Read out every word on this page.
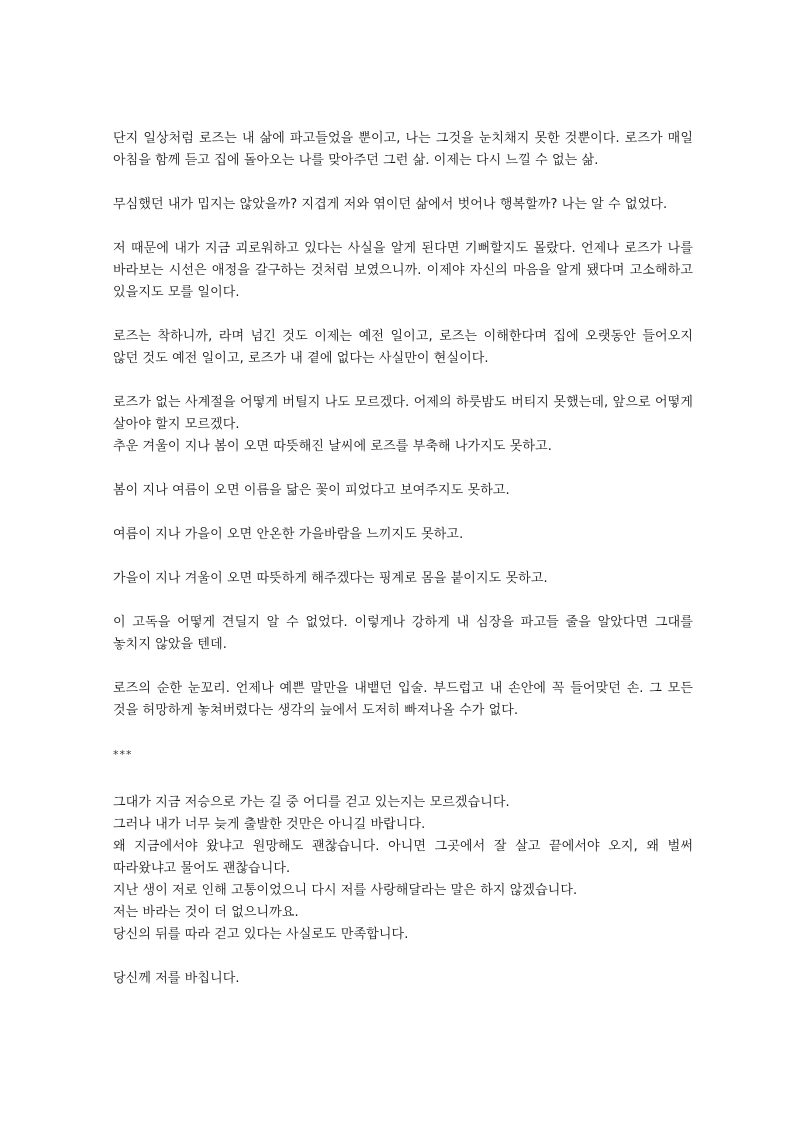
단지 일상처럼 로즈는 내 삶에 파고들었을 뿐이고, 나는 그것을 눈치채지 못한 것뿐이다. 로즈가 매일 아침을 함께 듣고 집에 돌아오는 나를 맞아주던 그런 삶. 이제는 다시 느낄 수 없는 삶.

무심했던 내가 밉지는 않았을까? 지겹게 저와 엮이던 삶에서 벗어나 행복할까? 나는 알 수 없었다.

저 때문에 내가 지금 괴로워하고 있다는 사실을 알게 된다면 기뻐할지도 몰랐다. 언제나 로즈가 나를 바라보는 시선은 애정을 갈구하는 것처럼 보였으니까. 이제야 자신의 마음을 알게 됐다며 고소해하고 있을지도 모를 일이다.

로즈는 착하니까, 라며 넘긴 것도 이제는 예전 일이고, 로즈는 이해한다며 집에 오랫동안 들어오지 않던 것도 예전 일이고, 로즈가 내 곁에 없다는 사실만이 현실이다.

로즈가 없는 사계절을 어떻게 버틸지 나도 모르겠다. 어제의 하룻밤도 버티지 못했는데, 앞으로 어떻게 살아야 할지 모르겠다.

추운 겨울이 지나 봄이 오면 따뜻해진 날씨에 로즈를 부축해 나가지도 못하고.

봄이 지나 여름이 오면 이름을 닮은 꽃이 피었다고 보여주지도 못하고.

여름이 지나 가을이 오면 안온한 가을바람을 느끼지도 못하고.

가을이 지나 겨울이 오면 따뜻하게 해주겠다는 핑계로 몸을 붙이지도 못하고.

이 고독을 어떻게 견딜지 알 수 없었다. 이렇게나 강하게 내 심장을 파고들 줄을 알았다면 그대를 놓치지 않았을 텐데.

로즈의 순한 눈꼬리. 언제나 예쁜 말만을 내뱉던 입술. 부드럽고 내 손안에 꼭 들어맞던 손. 그 모든 것을 허망하게 놓쳐버렸다는 생각의 늪에서 도저히 빠져나올 수가 없다.

***

그대가 지금 저승으로 가는 길 중 어디를 걷고 있는지는 모르겠습니다.

그러나 내가 너무 늦게 출발한 것만은 아니길 바랍니다.

왜 지금에서야 왔냐고 원망해도 괜찮습니다. 아니면 그곳에서 잘 살고 끝에서야 오지, 왜 벌써 따라왔냐고 물어도 괜찮습니다.

지난 생이 저로 인해 고통이었으니 다시 저를 사랑해달라는 말은 하지 않겠습니다.

저는 바라는 것이 더 없으니까요.

당신의 뒤를 따라 걷고 있다는 사실로도 만족합니다.

당신께 저를 바칩니다.
